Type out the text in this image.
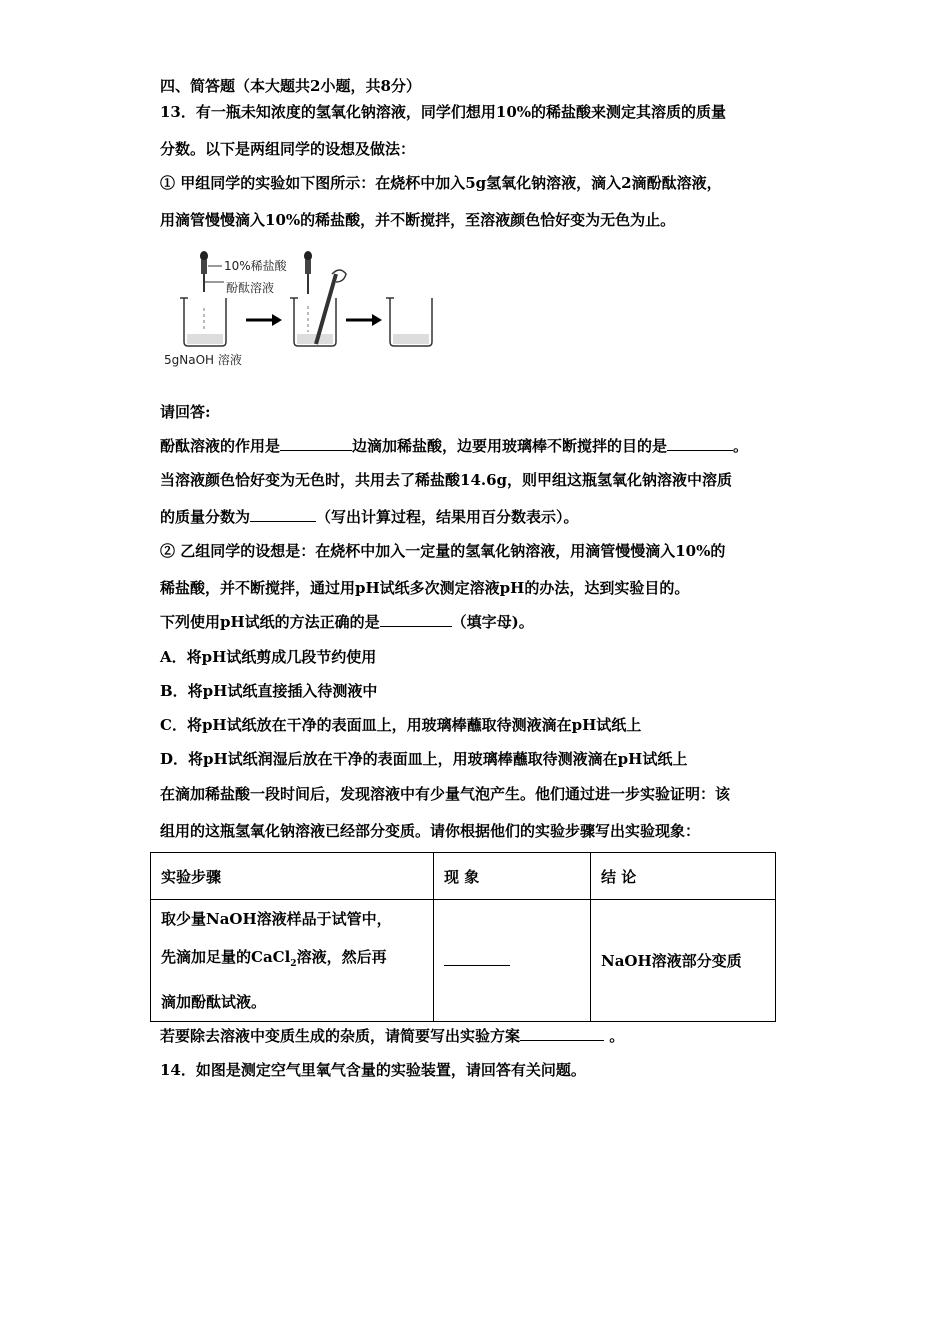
四、简答题（本大题共2小题，共8分）
13．有一瓶未知浓度的氢氧化钠溶液，同学们想用10%的稀盐酸来测定其溶质的质量
分数。以下是两组同学的设想及做法：
① 甲组同学的实验如下图所示：在烧杯中加入5g氢氧化钠溶液，滴入2滴酚酞溶液，
用滴管慢慢滴入10%的稀盐酸，并不断搅拌，至溶液颜色恰好变为无色为止。
10%稀盐酸
酚酞溶液
5gNaOH 溶液
请回答:
酚酞溶液的作用是	边滴加稀盐酸，边要用玻璃棒不断搅拌的目的是	。
当溶液颜色恰好变为无色时，共用去了稀盐酸14.6g，则甲组这瓶氢氧化钠溶液中溶质
的质量分数为	（写出计算过程，结果用百分数表示）。
② 乙组同学的设想是：在烧杯中加入一定量的氢氧化钠溶液，用滴管慢慢滴入10%的
稀盐酸，并不断搅拌，通过用pH试纸多次测定溶液pH的办法，达到实验目的。
下列使用pH试纸的方法正确的是	（填字母)。
A．将pH试纸剪成几段节约使用
B．将pH试纸直接插入待测液中
C．将pH试纸放在干净的表面皿上，用玻璃棒蘸取待测液滴在pH试纸上
D．将pH试纸润湿后放在干净的表面皿上，用玻璃棒蘸取待测液滴在pH试纸上
在滴加稀盐酸一段时间后，发现溶液中有少量气泡产生。他们通过进一步实验证明：该
组用的这瓶氢氧化钠溶液已经部分变质。请你根据他们的实验步骤写出实验现象：
实验步骤	现 象	结 论

取少量NaOH溶液样品于试管中，
先滴加足量的CaCl$_2$溶液，然后再
滴加酚酞试液。		NaOH溶液部分变质
若要除去溶液中变质生成的杂质，请简要写出实验方案	。
14．如图是测定空气里氧气含量的实验装置，请回答有关问题。
